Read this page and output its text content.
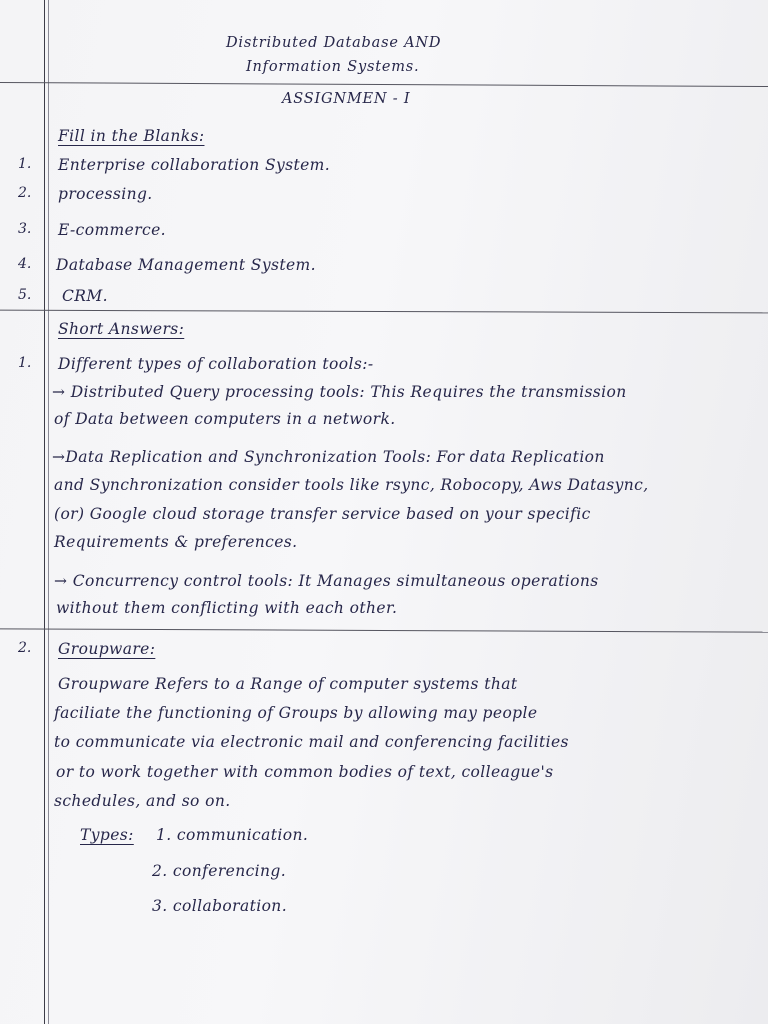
Distributed Database AND
Information Systems.
ASSIGNMEN - I
Fill in the Blanks:
1. Enterprise collaboration System.
2. processing.
3. E-commerce.
4. Database Management System.
5. CRM.
Short Answers:
1. Different types of collaboration tools:-
→ Distributed Query processing tools: This Requires the transmission
of Data between computers in a network.
→Data Replication and Synchronization Tools: For data Replication
and Synchronization consider tools like rsync, Robocopy, Aws Datasync,
(or) Google cloud storage transfer service based on your specific
Requirements & preferences.
→ Concurrency control tools: It Manages simultaneous operations
without them conflicting with each other.
2. Groupware:
Groupware Refers to a Range of computer systems that
faciliate the functioning of Groups by allowing may people
to communicate via electronic mail and conferencing facilities
or to work together with common bodies of text, colleague's
schedules, and so on.
Types: 1. communication.
2. conferencing.
3. collaboration.
